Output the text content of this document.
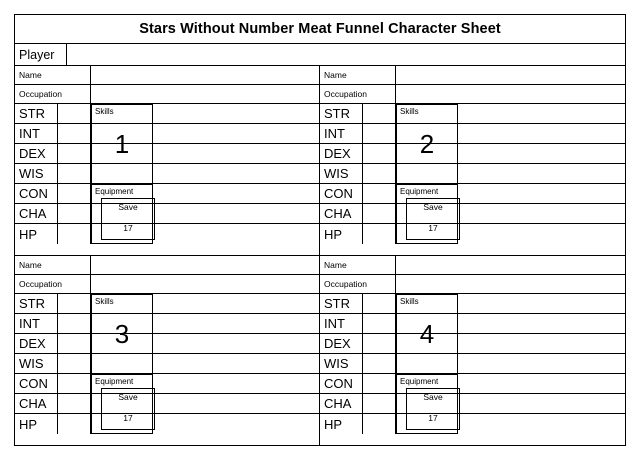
Stars Without Number Meat Funnel Character Sheet
Player
Name
Occupation
STR
INT
DEX
WIS
CON
CHA
HP
Skills
1
Equipment
Save
17
Name
Occupation
STR
INT
DEX
WIS
CON
CHA
HP
Skills
2
Equipment
Save
17
Name
Occupation
STR
INT
DEX
WIS
CON
CHA
HP
Skills
3
Equipment
Save
17
Name
Occupation
STR
INT
DEX
WIS
CON
CHA
HP
Skills
4
Equipment
Save
17
